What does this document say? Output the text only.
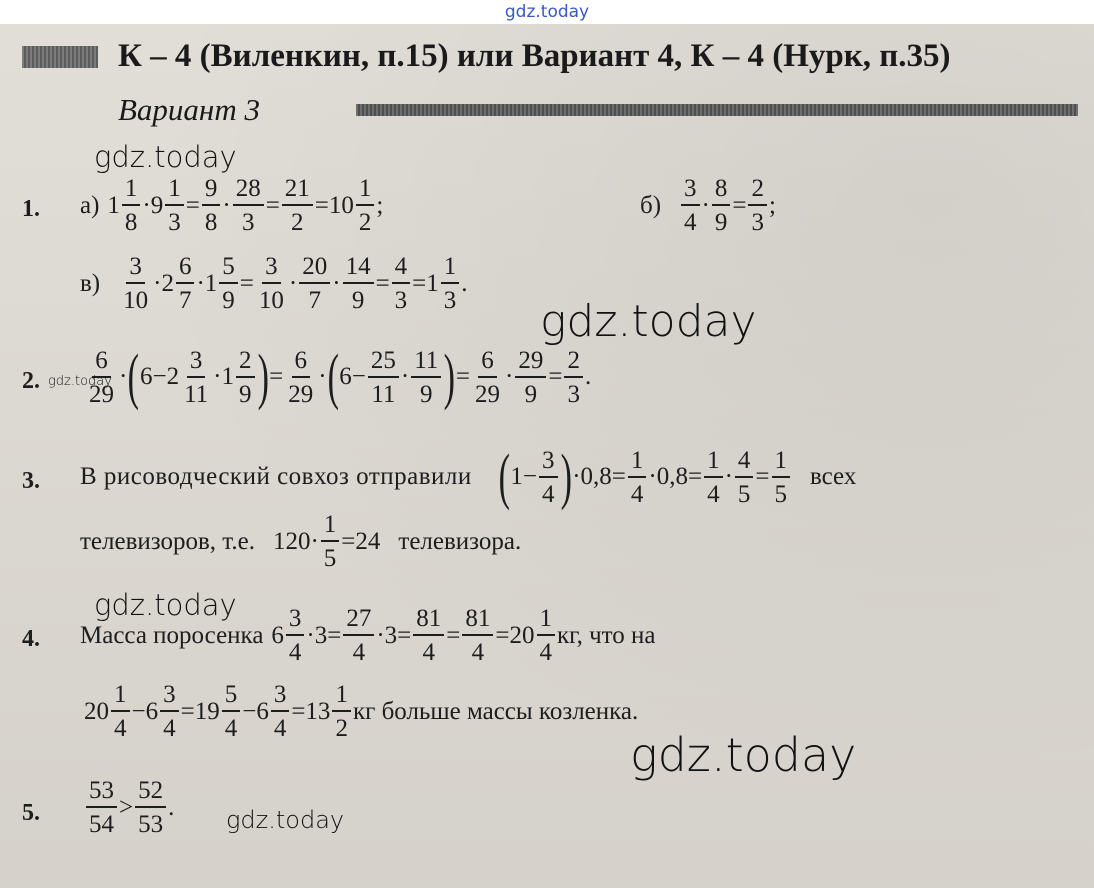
gdz.today
К – 4 (Виленкин, п.15) или Вариант 4, К – 4 (Нурк, п.35)
Вариант 3
1. а) $1 \frac{1}{8} \cdot 9 \frac{1}{3} = \frac{9}{8} \cdot \frac{28}{3} = \frac{21}{2} =10 \frac{1}{2}$ ;	$б) \frac{3}{4} \cdot \frac{8}{9} = \frac{2}{3}$ ;
$в) \frac{3}{10} \cdot 2 \frac{6}{7} \cdot 1 \frac{5}{9} = \frac{3}{10} \cdot \frac{20}{7} \cdot \frac{14}{9} = \frac{4}{3} =1 \frac{1}{3}$ .
2. $\frac{6}{29}$ · ( $6-2 \frac{3}{11} \cdot 1 \frac{2}{9}$ ) = $\frac{6}{29}$ · ( $6- \frac{25}{11} \cdot \frac{11}{9}$ ) = $\frac{6}{29} \cdot \frac{29}{9} = \frac{2}{3}$ .
3. В рисоводческий совхоз отправили ( $1- \frac{3}{4}$ ) $\cdot 0,8= \frac{1}{4} \cdot 0,8= \frac{1}{4} \cdot \frac{4}{5} = \frac{1}{5}$ всех
телевизоров, т.е. $120\cdot \frac{1}{5} =24$ телевизора.
4. Масса поросенка $6 \frac{3}{4} \cdot 3= \frac{27}{4} \cdot 3= \frac{81}{4} = \frac{81}{4} =20 \frac{1}{4}$ кг, что на
$20 \frac{1}{4} -6 \frac{3}{4} =19 \frac{5}{4} -6 \frac{3}{4} =13 \frac{1}{2}$ кг больше массы козленка.
5. $\frac{53}{54} > \frac{52}{53}$ .
gdz.today
gdz.today
gdz.today
gdz.today
gdz.today
gdz.today
